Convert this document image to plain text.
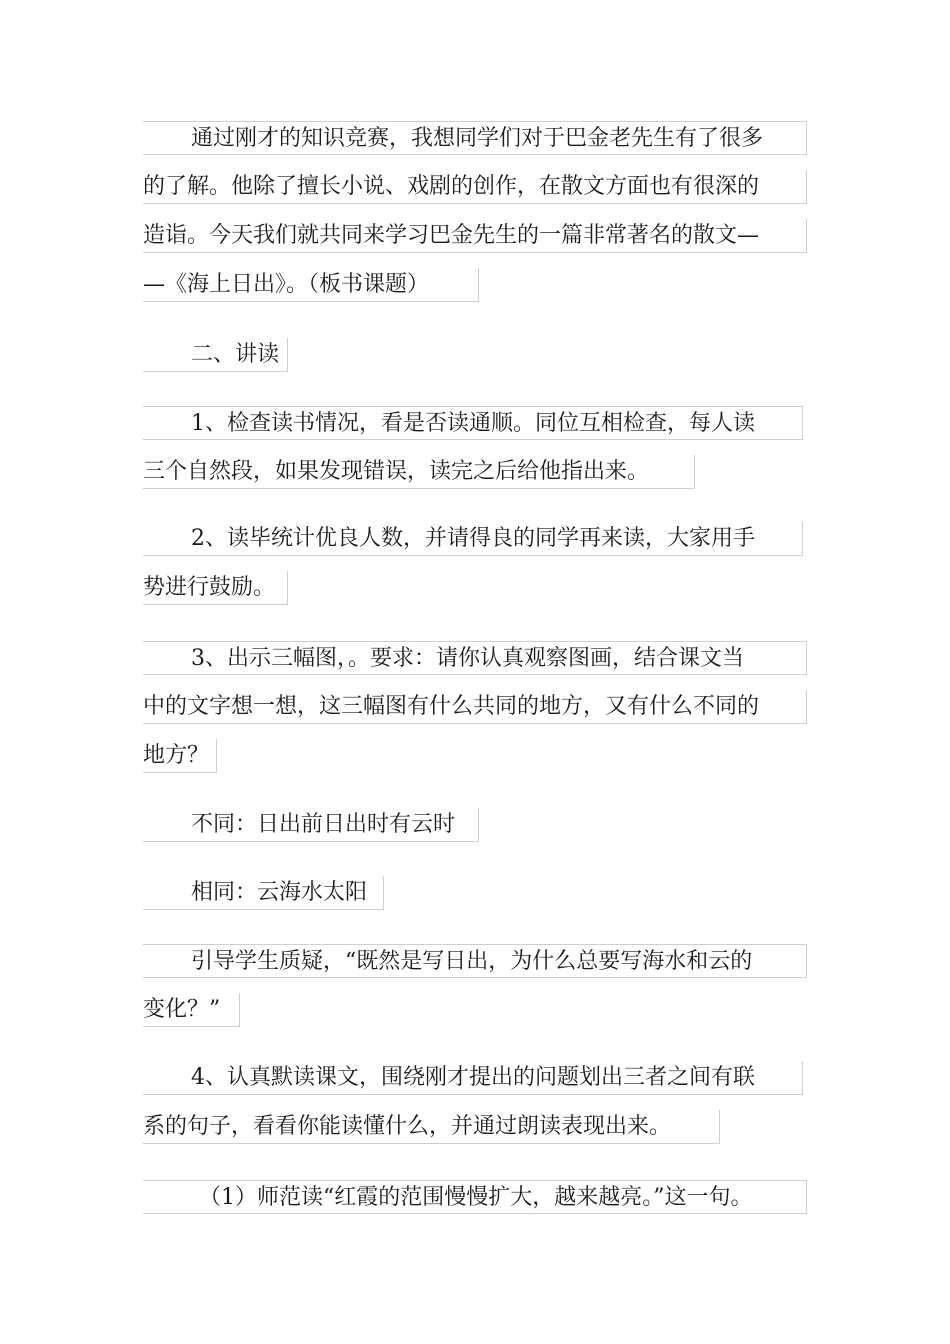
通过刚才的知识竞赛，我想同学们对于巴金老先生有了很多
的了解。他除了擅长小说、戏剧的创作，在散文方面也有很深的
造诣。今天我们就共同来学习巴金先生的一篇非常著名的散文—
—《海上日出》。（板书课题）
二、讲读
1、检查读书情况，看是否读通顺。同位互相检查，每人读
三个自然段，如果发现错误，读完之后给他指出来。
2、读毕统计优良人数，并请得良的同学再来读，大家用手
势进行鼓励。
3、出示三幅图，。要求：请你认真观察图画，结合课文当
中的文字想一想，这三幅图有什么共同的地方，又有什么不同的
地方？
不同：日出前日出时有云时
相同：云海水太阳
引导学生质疑，“既然是写日出，为什么总要写海水和云的
变化？”
4、认真默读课文，围绕刚才提出的问题划出三者之间有联
系的句子，看看你能读懂什么，并通过朗读表现出来。
（1）师范读“红霞的范围慢慢扩大，越来越亮。”这一句。
